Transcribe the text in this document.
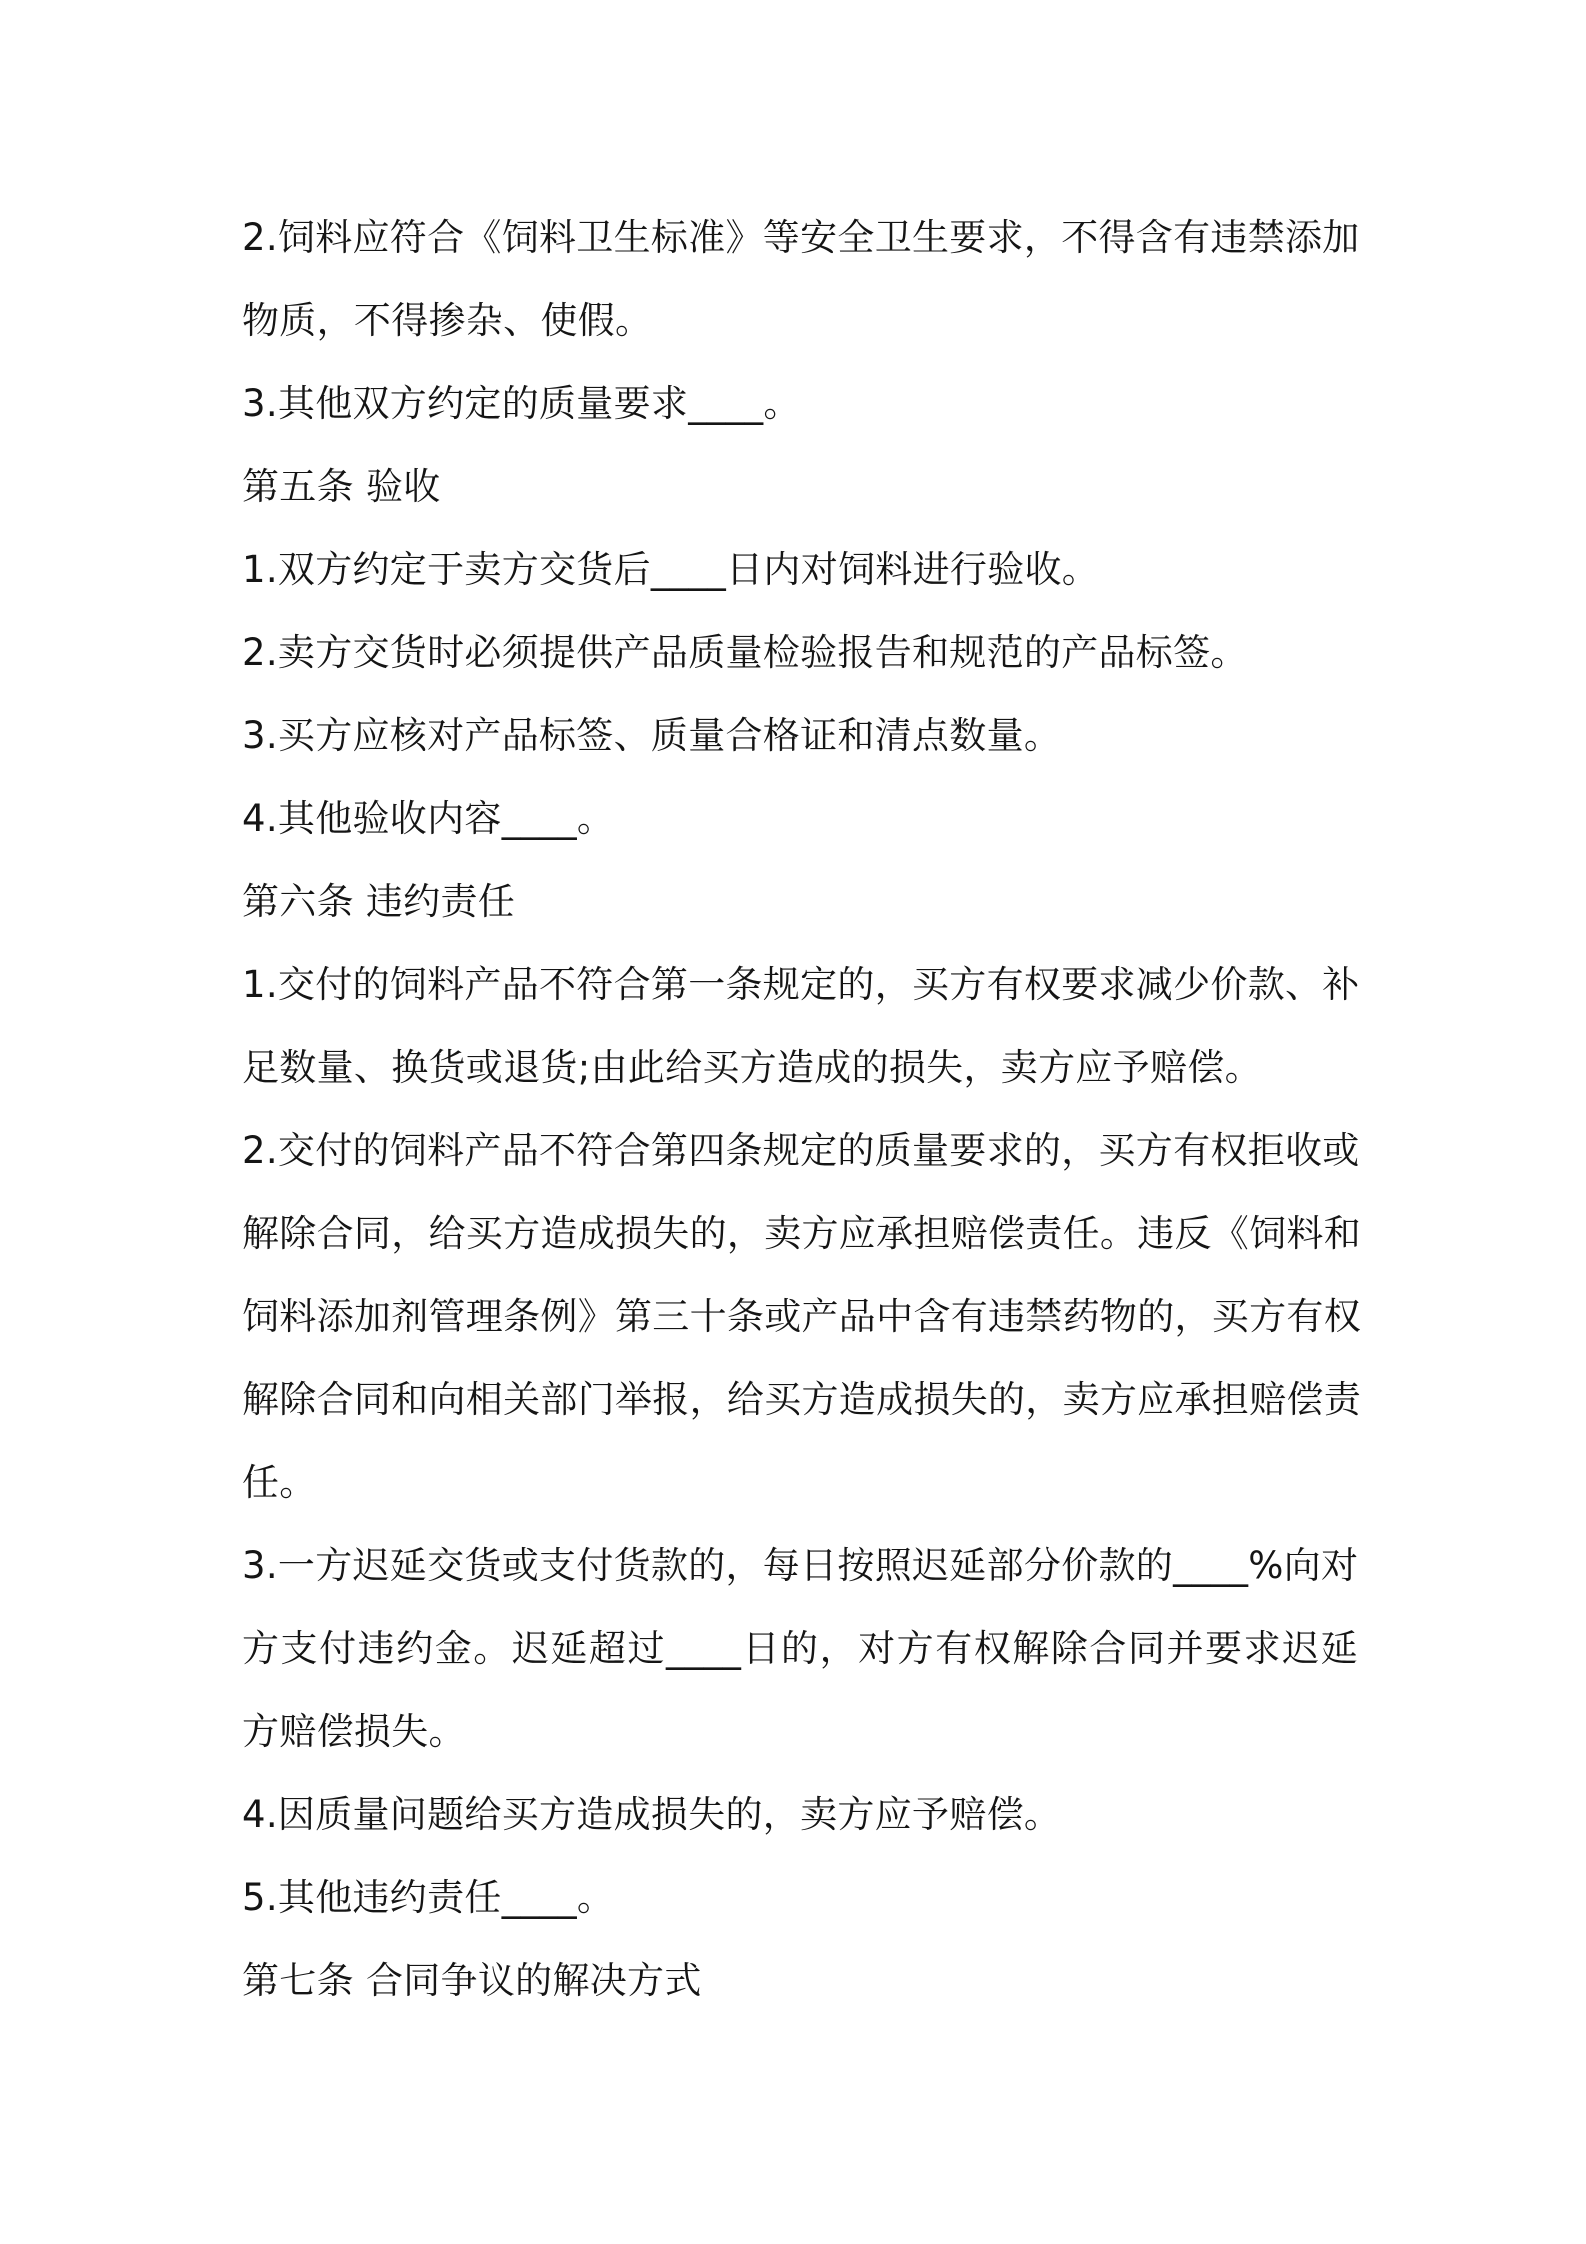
2.饲料应符合《饲料卫生标准》等安全卫生要求，不得含有违禁添加
物质，不得掺杂、使假。
3.其他双方约定的质量要求____。
第五条 验收
1.双方约定于卖方交货后____日内对饲料进行验收。
2.卖方交货时必须提供产品质量检验报告和规范的产品标签。
3.买方应核对产品标签、质量合格证和清点数量。
4.其他验收内容____。
第六条 违约责任
1.交付的饲料产品不符合第一条规定的，买方有权要求减少价款、补
足数量、换货或退货;由此给买方造成的损失，卖方应予赔偿。
2.交付的饲料产品不符合第四条规定的质量要求的，买方有权拒收或
解除合同，给买方造成损失的，卖方应承担赔偿责任。违反《饲料和
饲料添加剂管理条例》第三十条或产品中含有违禁药物的，买方有权
解除合同和向相关部门举报，给买方造成损失的，卖方应承担赔偿责
任。
3.一方迟延交货或支付货款的，每日按照迟延部分价款的____%向对
方支付违约金。迟延超过____日的，对方有权解除合同并要求迟延
方赔偿损失。
4.因质量问题给买方造成损失的，卖方应予赔偿。
5.其他违约责任____。
第七条 合同争议的解决方式
